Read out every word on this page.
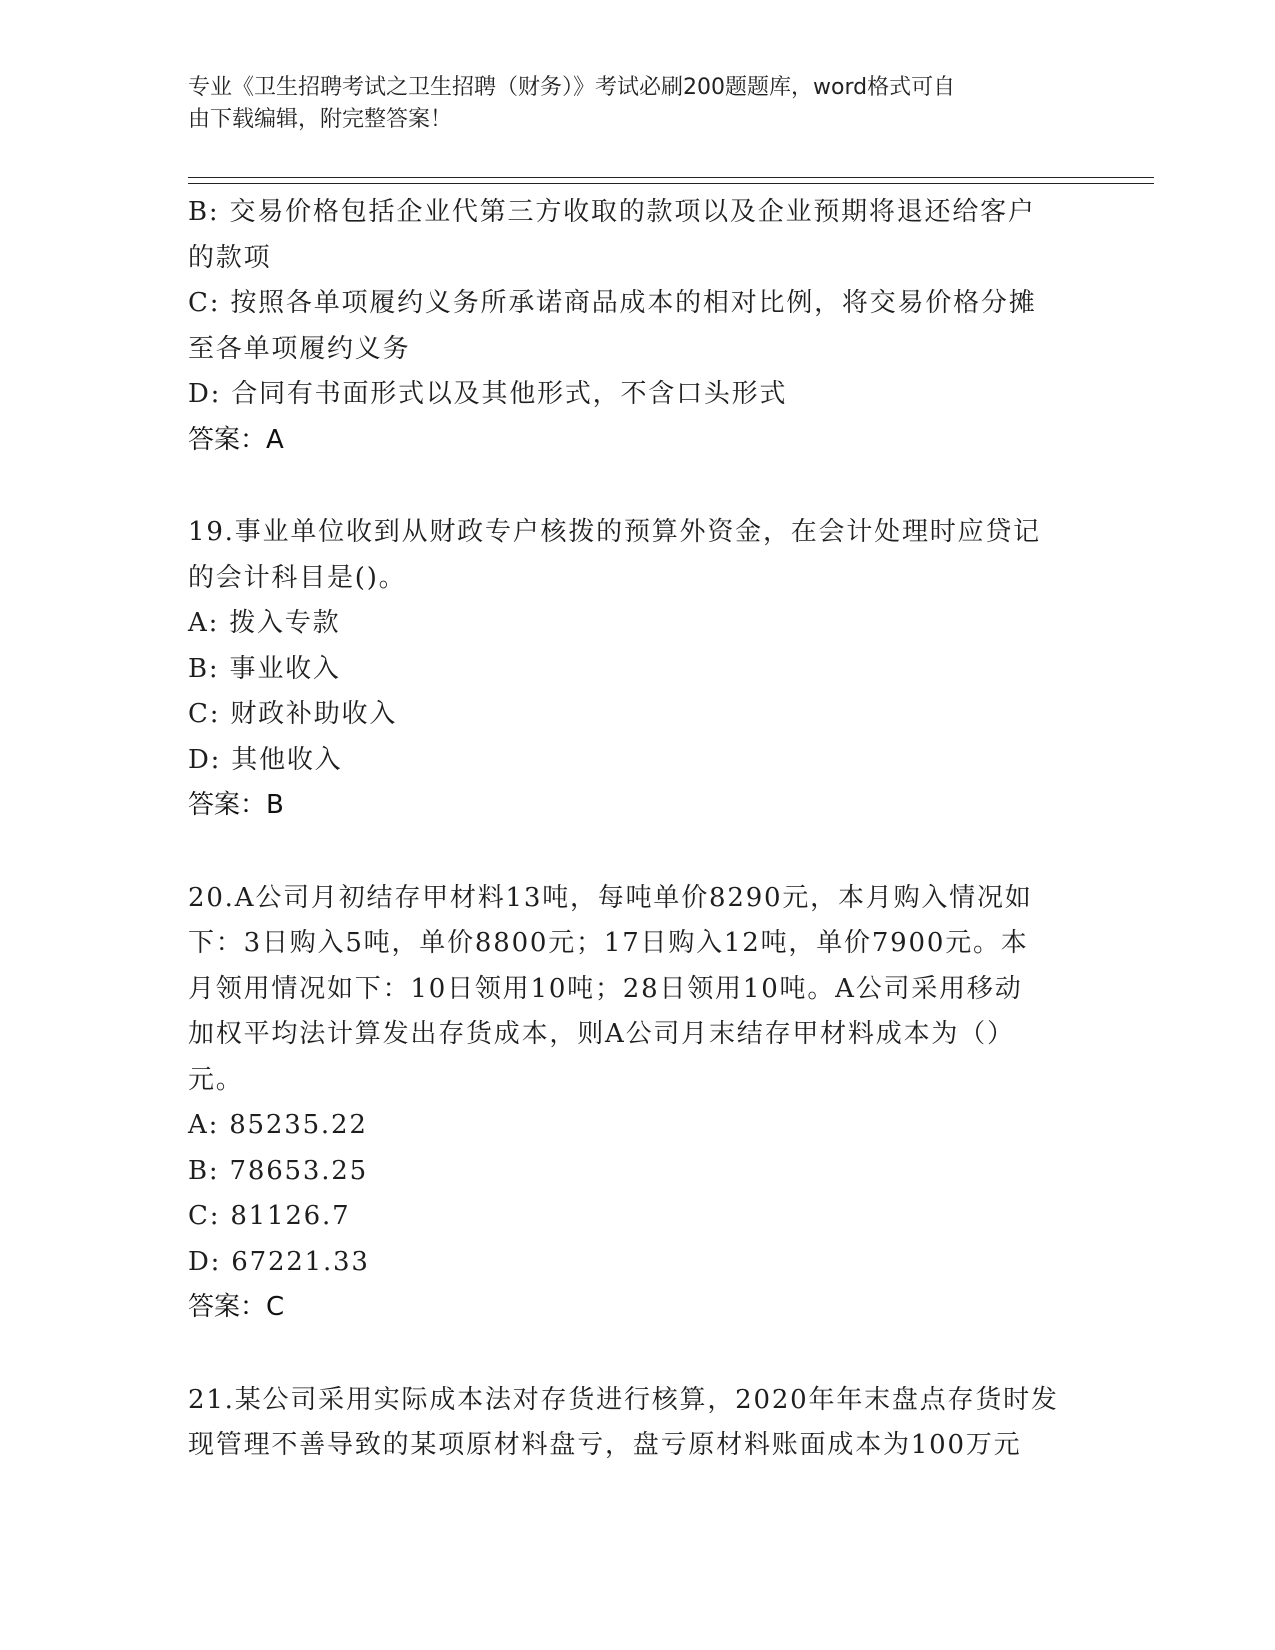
专业《卫生招聘考试之卫生招聘（财务）》考试必刷200题题库，word格式可自
由下载编辑，附完整答案！
B: 交易价格包括企业代第三方收取的款项以及企业预期将退还给客户
的款项
C: 按照各单项履约义务所承诺商品成本的相对比例，将交易价格分摊
至各单项履约义务
D: 合同有书面形式以及其他形式，不含口头形式
答案：A
19.事业单位收到从财政专户核拨的预算外资金，在会计处理时应贷记
的会计科目是()。
A: 拨入专款
B: 事业收入
C: 财政补助收入
D: 其他收入
答案：B
20.A公司月初结存甲材料13吨，每吨单价8290元，本月购入情况如
下：3日购入5吨，单价8800元；17日购入12吨，单价7900元。本
月领用情况如下：10日领用10吨；28日领用10吨。A公司采用移动
加权平均法计算发出存货成本，则A公司月末结存甲材料成本为（）
元。
A: 85235.22
B: 78653.25
C: 81126.7
D: 67221.33
答案：C
21.某公司采用实际成本法对存货进行核算，2020年年末盘点存货时发
现管理不善导致的某项原材料盘亏，盘亏原材料账面成本为100万元
